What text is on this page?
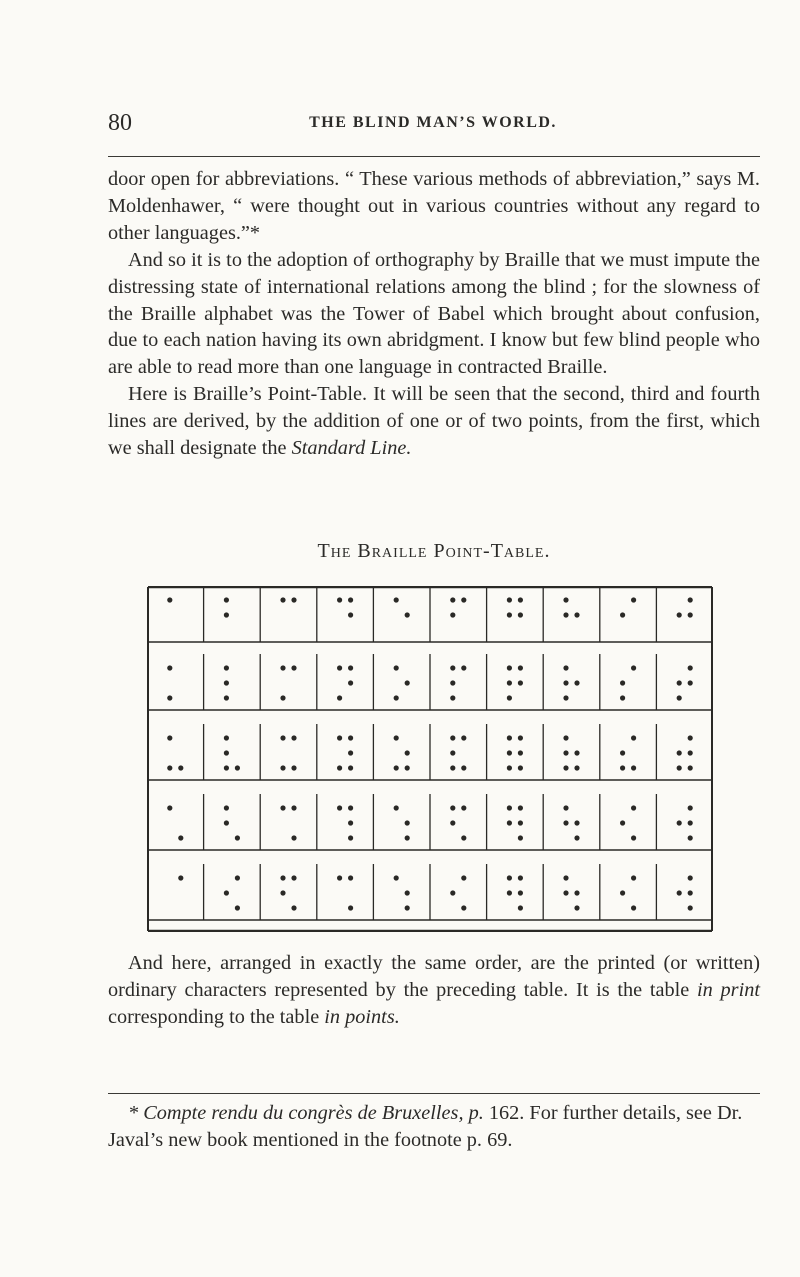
80	THE BLIND MAN’S WORLD.

door open for abbreviations. “ These various methods of abbreviation,” says M. Moldenhawer, “ were thought out in various countries without any regard to other languages.”*

And so it is to the adoption of orthography by Braille that we must impute the distressing state of international relations among the blind ; for the slowness of the Braille alphabet was the Tower of Babel which brought about confusion, due to each nation having its own abridgment. I know but few blind people who are able to read more than one language in contracted Braille.

Here is Braille’s Point-Table. It will be seen that the second, third and fourth lines are derived, by the addition of one or of two points, from the first, which we shall designate the Standard Line.

The Braille Point-Table.

And here, arranged in exactly the same order, are the printed (or written) ordinary characters represented by the preceding table. It is the table in print corresponding to the table in points.

* Compte rendu du congrès de Bruxelles, p. 162. For further details, see Dr. Javal’s new book mentioned in the footnote p. 69.
